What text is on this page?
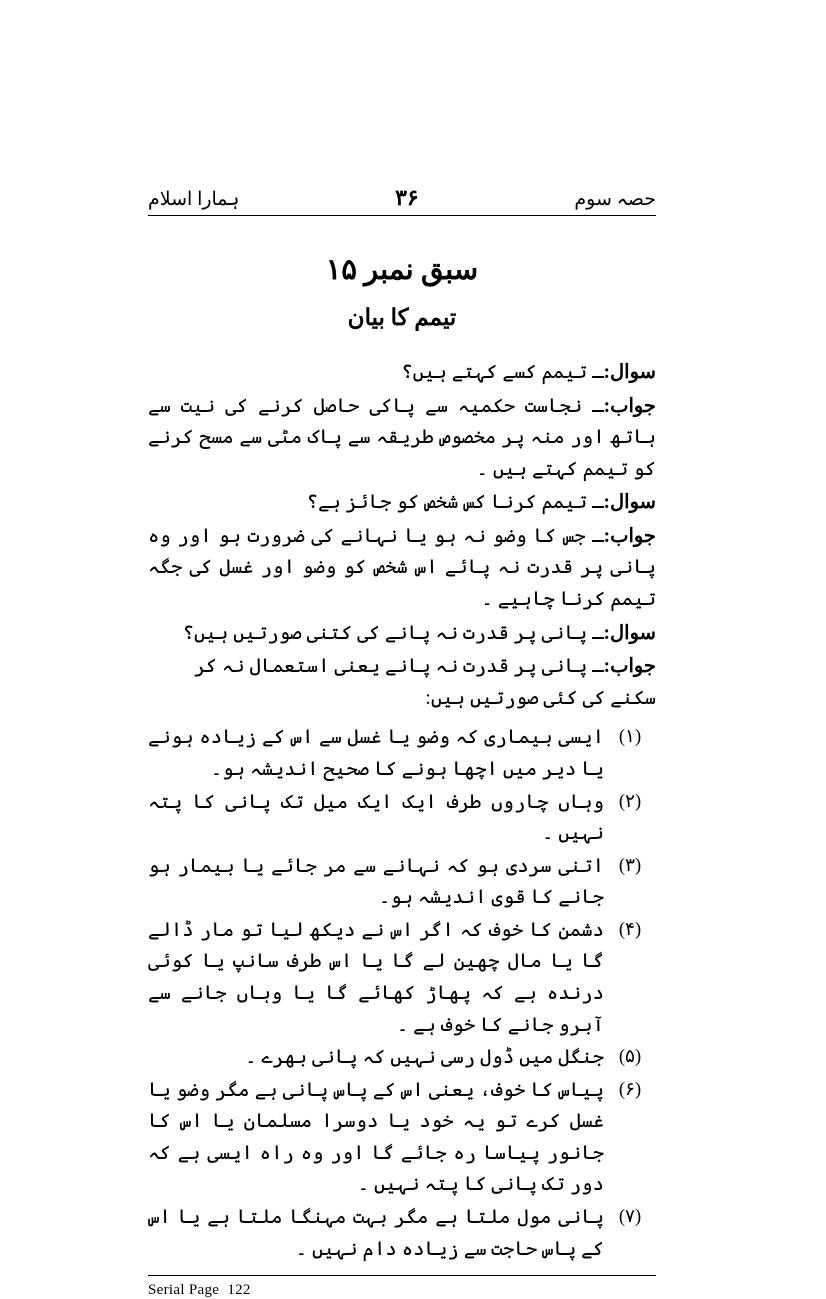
حصہ سوم
۳۶
ہمارا اسلام
سبق نمبر ۱۵
تیمم کا بیان

سوال:ـ تیمم کسے کہتے ہیں؟

جواب:ـ نجاست حکمیہ سے پاکی حاصل کرنے کی نیت سے ہاتھ اور منہ پر مخصوص طریقہ سے پاک مٹی سے مسح کرنے کو تیمم کہتے ہیں ۔

سوال:ـ تیمم کرنا کس شخص کو جائز ہے؟

جواب:ـ جس کا وضو نہ ہو یا نہانے کی ضرورت ہو اور وہ پانی پر قدرت نہ پائے اس شخص کو وضو اور غسل کی جگہ تیمم کرنا چاہیے ۔

سوال:ـ پانی پر قدرت نہ پانے کی کتنی صورتیں ہیں؟

جواب:ـ پانی پر قدرت نہ پانے یعنی استعمال نہ کر سکنے کی کئی صورتیں ہیں:

(۱)
ایسی بیماری کہ وضو یا غسل سے اس کے زیادہ ہونے یا دیر میں اچھا ہونے کا صحیح اندیشہ ہو۔
(۲)
وہاں چاروں طرف ایک ایک میل تک پانی کا پتہ نہیں ۔
(۳)
اتنی سردی ہو کہ نہانے سے مر جائے یا بیمار ہو جانے کا قوی اندیشہ ہو۔
(۴)
دشمن کا خوف کہ اگر اس نے دیکھ لیا تو مار ڈالے گا یا مال چھین لے گا یا اس طرف سانپ یا کوئی درندہ ہے کہ پھاڑ کھائے گا یا وہاں جانے سے آبرو جانے کا خوف ہے ۔
(۵)
جنگل میں ڈول رسی نہیں کہ پانی بھرے ۔
(۶)
پیاس کا خوف، یعنی اس کے پاس پانی ہے مگر وضو یا غسل کرے تو یہ خود یا دوسرا مسلمان یا اس کا جانور پیاسا رہ جائے گا اور وہ راہ ایسی ہے کہ دور تک پانی کا پتہ نہیں ۔
(۷)
پانی مول ملتا ہے مگر بہت مہنگا ملتا ہے یا اس کے پاس حاجت سے زیادہ دام نہیں ۔
Serial Page 122
